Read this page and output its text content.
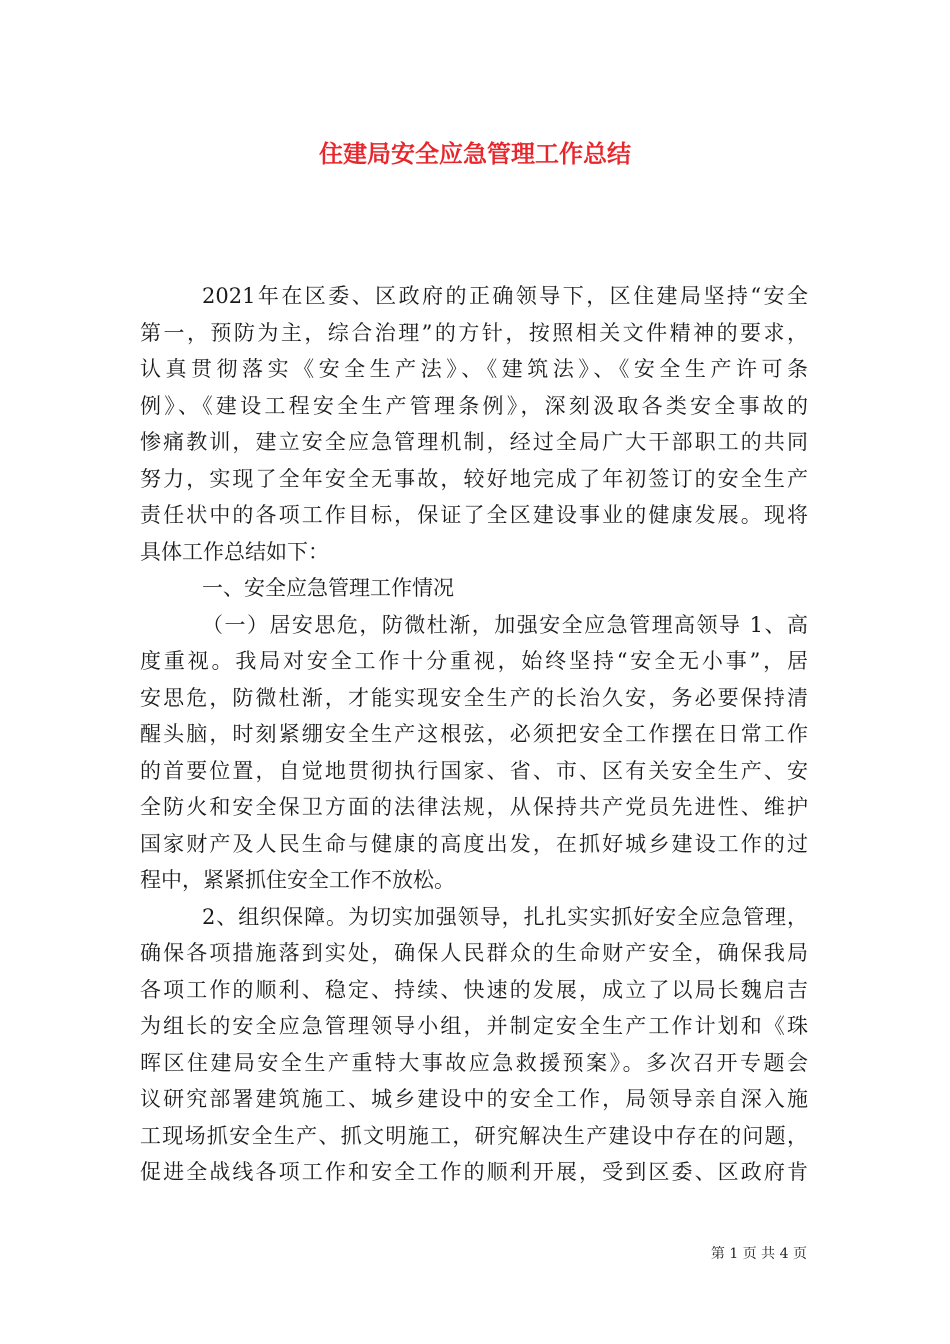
住建局安全应急管理工作总结
2021年在区委、区政府的正确领导下，区住建局坚持“安全
第一，预防为主，综合治理”的方针，按照相关文件精神的要求，
认真贯彻落实《安全生产法》、《建筑法》、《安全生产许可条
例》、《建设工程安全生产管理条例》，深刻汲取各类安全事故的
惨痛教训，建立安全应急管理机制，经过全局广大干部职工的共同
努力，实现了全年安全无事故，较好地完成了年初签订的安全生产
责任状中的各项工作目标，保证了全区建设事业的健康发展。现将
具体工作总结如下：
一、安全应急管理工作情况
（一）居安思危，防微杜渐，加强安全应急管理高领导 1、高
度重视。我局对安全工作十分重视，始终坚持“安全无小事”，居
安思危，防微杜渐，才能实现安全生产的长治久安，务必要保持清
醒头脑，时刻紧绷安全生产这根弦，必须把安全工作摆在日常工作
的首要位置，自觉地贯彻执行国家、省、市、区有关安全生产、安
全防火和安全保卫方面的法律法规，从保持共产党员先进性、维护
国家财产及人民生命与健康的高度出发，在抓好城乡建设工作的过
程中，紧紧抓住安全工作不放松。
2、组织保障。为切实加强领导，扎扎实实抓好安全应急管理，
确保各项措施落到实处，确保人民群众的生命财产安全，确保我局
各项工作的顺利、稳定、持续、快速的发展，成立了以局长魏启吉
为组长的安全应急管理领导小组，并制定安全生产工作计划和《珠
晖区住建局安全生产重特大事故应急救援预案》。多次召开专题会
议研究部署建筑施工、城乡建设中的安全工作，局领导亲自深入施
工现场抓安全生产、抓文明施工，研究解决生产建设中存在的问题，
促进全战线各项工作和安全工作的顺利开展，受到区委、区政府肯
第 1 页 共 4 页
